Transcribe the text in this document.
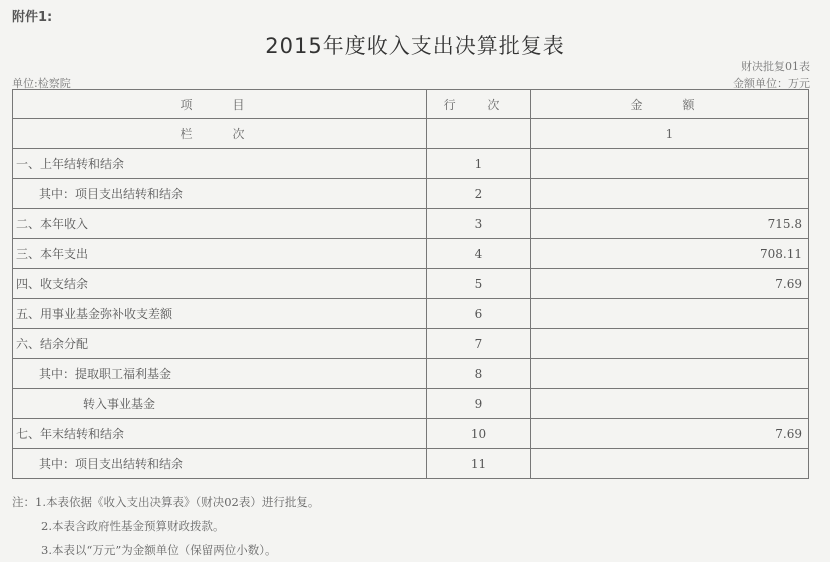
附件1:
2015年度收入支出决算批复表
财决批复01表
单位:检察院	金额单位：万元
项　目	行 次	金　额
栏　次		1
一、上年结转和结余	1	
其中：项目支出结转和结余	2	
二、本年收入	3	715.8
三、本年支出	4	708.11
四、收支结余	5	7.69
五、用事业基金弥补收支差额	6	
六、结余分配	7	
其中：提取职工福利基金	8	
转入事业基金	9	
七、年末结转和结余	10	7.69
其中：项目支出结转和结余	11	
注：1.本表依据《收入支出决算表》（财决02表）进行批复。
2.本表含政府性基金预算财政拨款。
3.本表以“万元”为金额单位（保留两位小数）。
